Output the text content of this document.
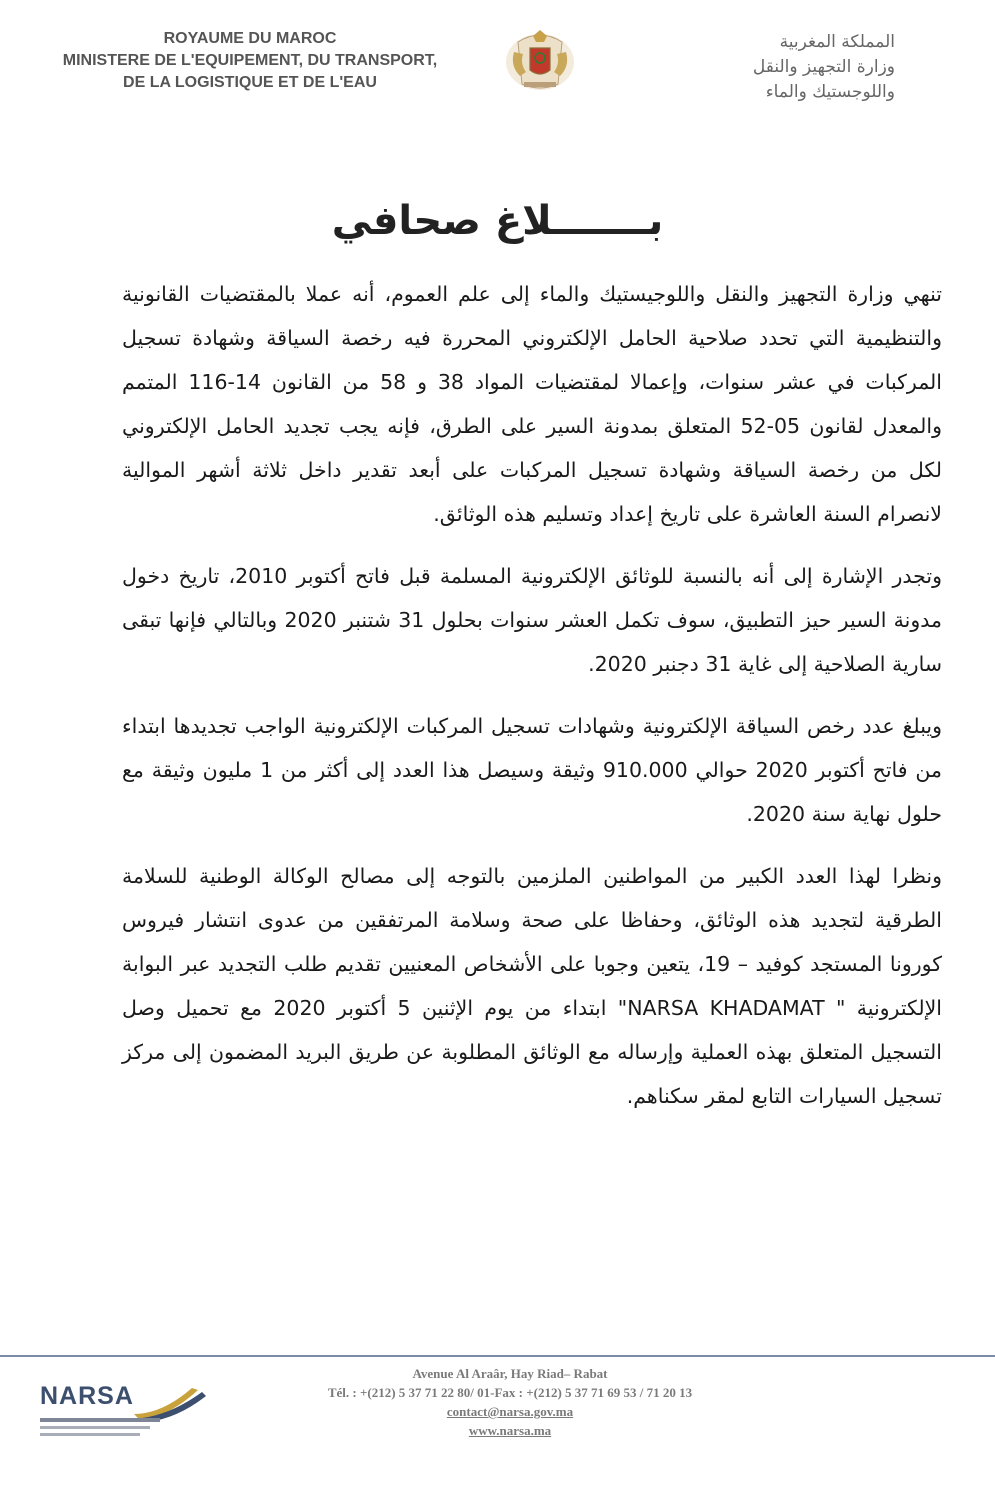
ROYAUME DU MAROC
MINISTERE DE L'EQUIPEMENT, DU TRANSPORT,
DE LA LOGISTIQUE ET DE L'EAU
المملكة المغربية
وزارة التجهيز والنقل
واللوجستيك والماء
بـــــــلاغ صحافي

تنهي وزارة التجهيز والنقل واللوجيستيك والماء إلى علم العموم، أنه عملا بالمقتضيات القانونية والتنظيمية التي تحدد صلاحية الحامل الإلكتروني المحررة فيه رخصة السياقة وشهادة تسجيل المركبات في عشر سنوات، وإعمالا لمقتضيات المواد 38 و 58 من القانون 14-116 المتمم والمعدل لقانون 05-52 المتعلق بمدونة السير على الطرق، فإنه يجب تجديد الحامل الإلكتروني لكل من رخصة السياقة وشهادة تسجيل المركبات على أبعد تقدير داخل ثلاثة أشهر الموالية لانصرام السنة العاشرة على تاريخ إعداد وتسليم هذه الوثائق.

وتجدر الإشارة إلى أنه بالنسبة للوثائق الإلكترونية المسلمة قبل فاتح أكتوبر 2010، تاريخ دخول مدونة السير حيز التطبيق، سوف تكمل العشر سنوات بحلول 31 شتنبر 2020 وبالتالي فإنها تبقى سارية الصلاحية إلى غاية 31 دجنبر 2020.

ويبلغ عدد رخص السياقة الإلكترونية وشهادات تسجيل المركبات الإلكترونية الواجب تجديدها ابتداء من فاتح أكتوبر 2020 حوالي 910.000 وثيقة وسيصل هذا العدد إلى أكثر من 1 مليون وثيقة مع حلول نهاية سنة 2020.

ونظرا لهذا العدد الكبير من المواطنين الملزمين بالتوجه إلى مصالح الوكالة الوطنية للسلامة الطرقية لتجديد هذه الوثائق، وحفاظا على صحة وسلامة المرتفقين من عدوى انتشار فيروس كورونا المستجد كوفيد – 19، يتعين وجوبا على الأشخاص المعنيين تقديم طلب التجديد عبر البوابة الإلكترونية " NARSA KHADAMAT" ابتداء من يوم الإثنين 5 أكتوبر 2020 مع تحميل وصل التسجيل المتعلق بهذه العملية وإرساله مع الوثائق المطلوبة عن طريق البريد المضمون إلى مركز تسجيل السيارات التابع لمقر سكناهم.

NARSA
Avenue Al Araâr, Hay Riad– Rabat
Tél. : +(212) 5 37 71 22 80/ 01-Fax : +(212) 5 37 71 69 53 / 71 20 13
contact@narsa.gov.ma
www.narsa.ma
